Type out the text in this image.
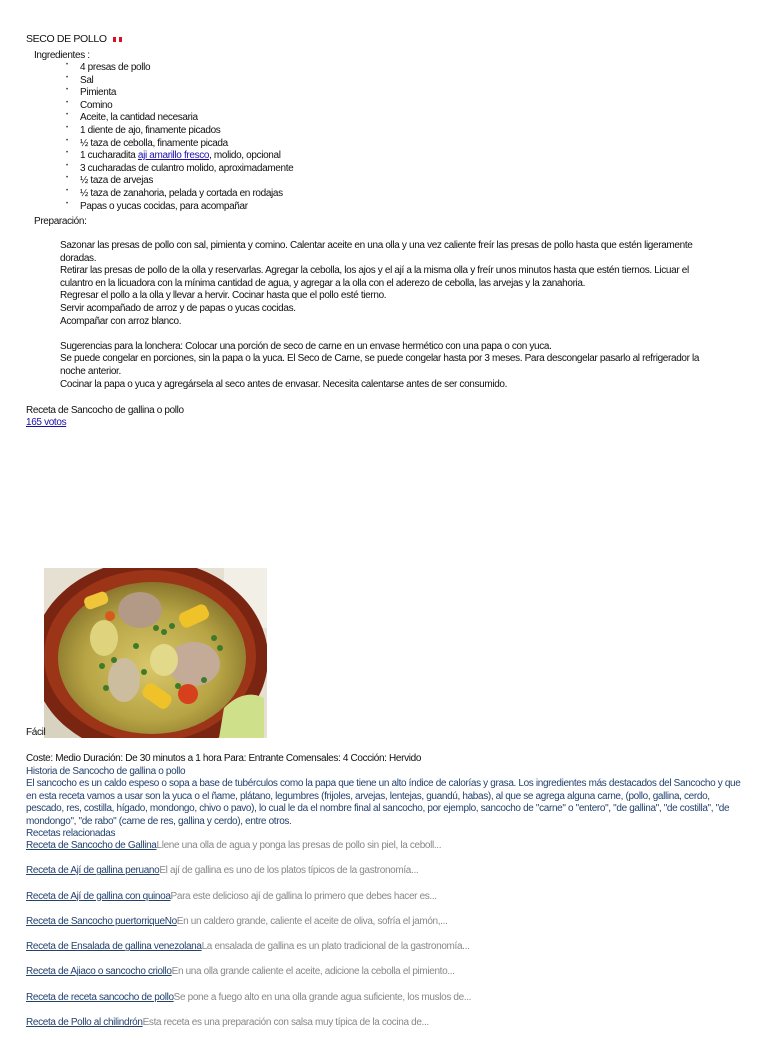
SECO DE POLLO
Ingredientes :
• 4 presas de pollo
• Sal
• Pimienta
• Comino
• Aceite, la cantidad necesaria
• 1 diente de ajo, finamente picados
• ½ taza de cebolla, finamente picada
• 1 cucharadita aji amarillo fresco, molido, opcional
• 3 cucharadas de culantro molido, aproximadamente
• ½ taza de arvejas
• ½ taza de zanahoria, pelada y cortada en rodajas
• Papas o yucas cocidas, para acompañar
Preparación:

Sazonar las presas de pollo con sal, pimienta y comino. Calentar aceite en una olla y una vez caliente freír las presas de pollo hasta que estén ligeramente doradas.

Retirar las presas de pollo de la olla y reservarlas. Agregar la cebolla, los ajos y el ají a la misma olla y freír unos minutos hasta que estén tiernos. Licuar el culantro en la licuadora con la mínima cantidad de agua, y agregar a la olla con el aderezo de cebolla, las arvejas y la zanahoria.

Regresar el pollo a la olla y llevar a hervir. Cocinar hasta que el pollo esté tierno.

Servir acompañado de arroz y de papas o yucas cocidas.

Acompañar con arroz blanco.

Sugerencias para la lonchera: Colocar una porción de seco de carne en un envase hermético con una papa o con yuca.

Se puede congelar en porciones, sin la papa o la yuca. El Seco de Carne, se puede congelar hasta por 3 meses. Para descongelar pasarlo al refrigerador la noche anterior.

Cocinar la papa o yuca y agregársela al seco antes de envasar. Necesita calentarse antes de ser consumido.

Receta de Sancocho de gallina o pollo
165 votos
Fácil
Coste: Medio Duración: De 30 minutos a 1 hora Para: Entrante Comensales: 4 Cocción: Hervido

Historia de Sancocho de gallina o pollo

El sancocho es un caldo espeso o sopa a base de tubérculos como la papa que tiene un alto índice de calorías y grasa. Los ingredientes más destacados del Sancocho y que en esta receta vamos a usar son la yuca o el ñame, plátano, legumbres (frijoles, arvejas, lentejas, guandú, habas), al que se agrega alguna carne, (pollo, gallina, cerdo, pescado, res, costilla, hígado, mondongo, chivo o pavo), lo cual le da el nombre final al sancocho, por ejemplo, sancocho de "carne" o "entero", "de gallina", "de costilla", "de mondongo", "de rabo" (carne de res, gallina y cerdo), entre otros.

Recetas relacionadas

Receta de Sancocho de GallinaLlene una olla de agua y ponga las presas de pollo sin piel, la ceboll...
Receta de Ají de gallina peruanoEl ají de gallina es uno de los platos típicos de la gastronomía...
Receta de Ají de gallina con quinoaPara este delicioso ají de gallina lo primero que debes hacer es...
Receta de Sancocho puertorriqueÑoEn un caldero grande, caliente el aceite de oliva, sofría el jamón,...
Receta de Ensalada de gallina venezolanaLa ensalada de gallina es un plato tradicional de la gastronomía...
Receta de Ajiaco o sancocho criolloEn una olla grande caliente el aceite, adicione la cebolla el pimiento...
Receta de receta sancocho de polloSe pone a fuego alto en una olla grande agua suficiente, los muslos de...
Receta de Pollo al chilindrónEsta receta es una preparación con salsa muy típica de la cocina de...
